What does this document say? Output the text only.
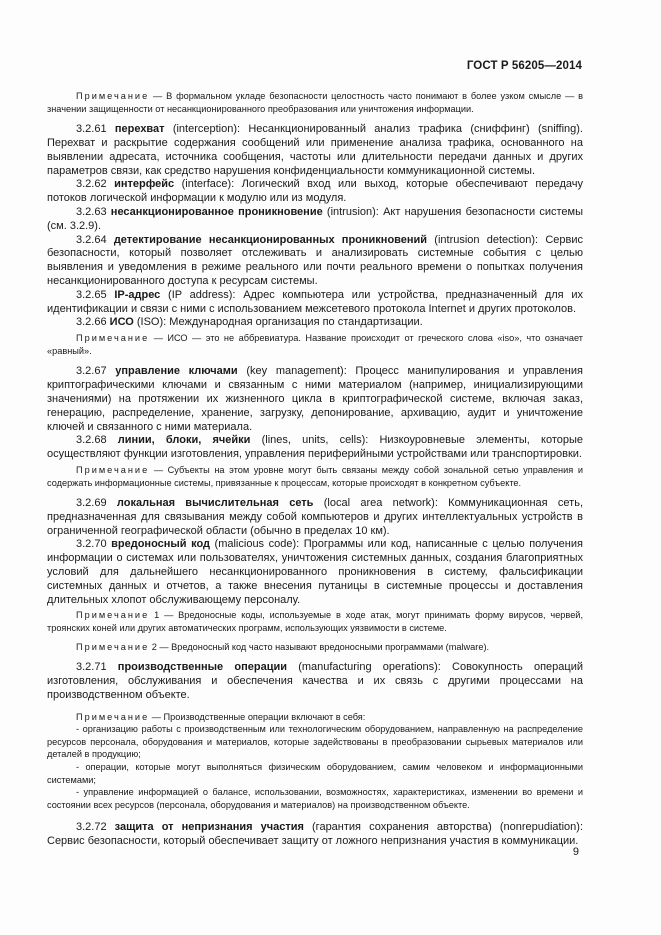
ГОСТ Р 56205—2014

Примечание — В формальном укладе безопасности целостность часто понимают в более узком смысле — в значении защищенности от несанкционированного преобразования или уничтожения информации.

3.2.61 перехват (interception): Несанкционированный анализ трафика (сниффинг) (sniffing). Перехват и раскрытие содержания сообщений или применение анализа трафика, основанного на выявлении адресата, источника сообщения, частоты или длительности передачи данных и других параметров связи, как средство нарушения конфиденциальности коммуникационной системы.

3.2.62 интерфейс (interface): Логический вход или выход, которые обеспечивают передачу потоков логической информации к модулю или из модуля.

3.2.63 несанкционированное проникновение (intrusion): Акт нарушения безопасности системы (см. 3.2.9).

3.2.64 детектирование несанкционированных проникновений (intrusion detection): Сервис безопасности, который позволяет отслеживать и анализировать системные события с целью выявления и уведомления в режиме реального или почти реального времени о попытках получения несанкционированного доступа к ресурсам системы.

3.2.65 IP-адрес (IP address): Адрес компьютера или устройства, предназначенный для их идентификации и связи с ними с использованием межсетевого протокола Internet и других протоколов.

3.2.66 ИСО (ISO): Международная организация по стандартизации.

Примечание — ИСО — это не аббревиатура. Название происходит от греческого слова «iso», что означает «равный».

3.2.67 управление ключами (key management): Процесс манипулирования и управления криптографическими ключами и связанным с ними материалом (например, инициализирующими значениями) на протяжении их жизненного цикла в криптографической системе, включая заказ, генерацию, распределение, хранение, загрузку, депонирование, архивацию, аудит и уничтожение ключей и связанного с ними материала.

3.2.68 линии, блоки, ячейки (lines, units, cells): Низкоуровневые элементы, которые осуществляют функции изготовления, управления периферийными устройствами или транспортировки.

Примечание — Субъекты на этом уровне могут быть связаны между собой зональной сетью управления и содержать информационные системы, привязанные к процессам, которые происходят в конкретном субъекте.

3.2.69 локальная вычислительная сеть (local area network): Коммуникационная сеть, предназначенная для связывания между собой компьютеров и других интеллектуальных устройств в ограниченной географической области (обычно в пределах 10 км).

3.2.70 вредоносный код (malicious code): Программы или код, написанные с целью получения информации о системах или пользователях, уничтожения системных данных, создания благоприятных условий для дальнейшего несанкционированного проникновения в систему, фальсификации системных данных и отчетов, а также внесения путаницы в системные процессы и доставления длительных хлопот обслуживающему персоналу.

Примечание 1 — Вредоносные коды, используемые в ходе атак, могут принимать форму вирусов, червей, троянских коней или других автоматических программ, использующих уязвимости в системе.

Примечание 2 — Вредоносный код часто называют вредоносными программами (malware).

3.2.71 производственные операции (manufacturing operations): Совокупность операций изготовления, обслуживания и обеспечения качества и их связь с другими процессами на производственном объекте.

Примечание — Производственные операции включают в себя:

- организацию работы с производственным или технологическим оборудованием, направленную на распределение ресурсов персонала, оборудования и материалов, которые задействованы в преобразовании сырьевых материалов или деталей в продукцию;

- операции, которые могут выполняться физическим оборудованием, самим человеком и информационными системами;

- управление информацией о балансе, использовании, возможностях, характеристиках, изменении во времени и состоянии всех ресурсов (персонала, оборудования и материалов) на производственном объекте.

3.2.72 защита от непризнания участия (гарантия сохранения авторства) (nonrepudiation): Сервис безопасности, который обеспечивает защиту от ложного непризнания участия в коммуникации.

9
